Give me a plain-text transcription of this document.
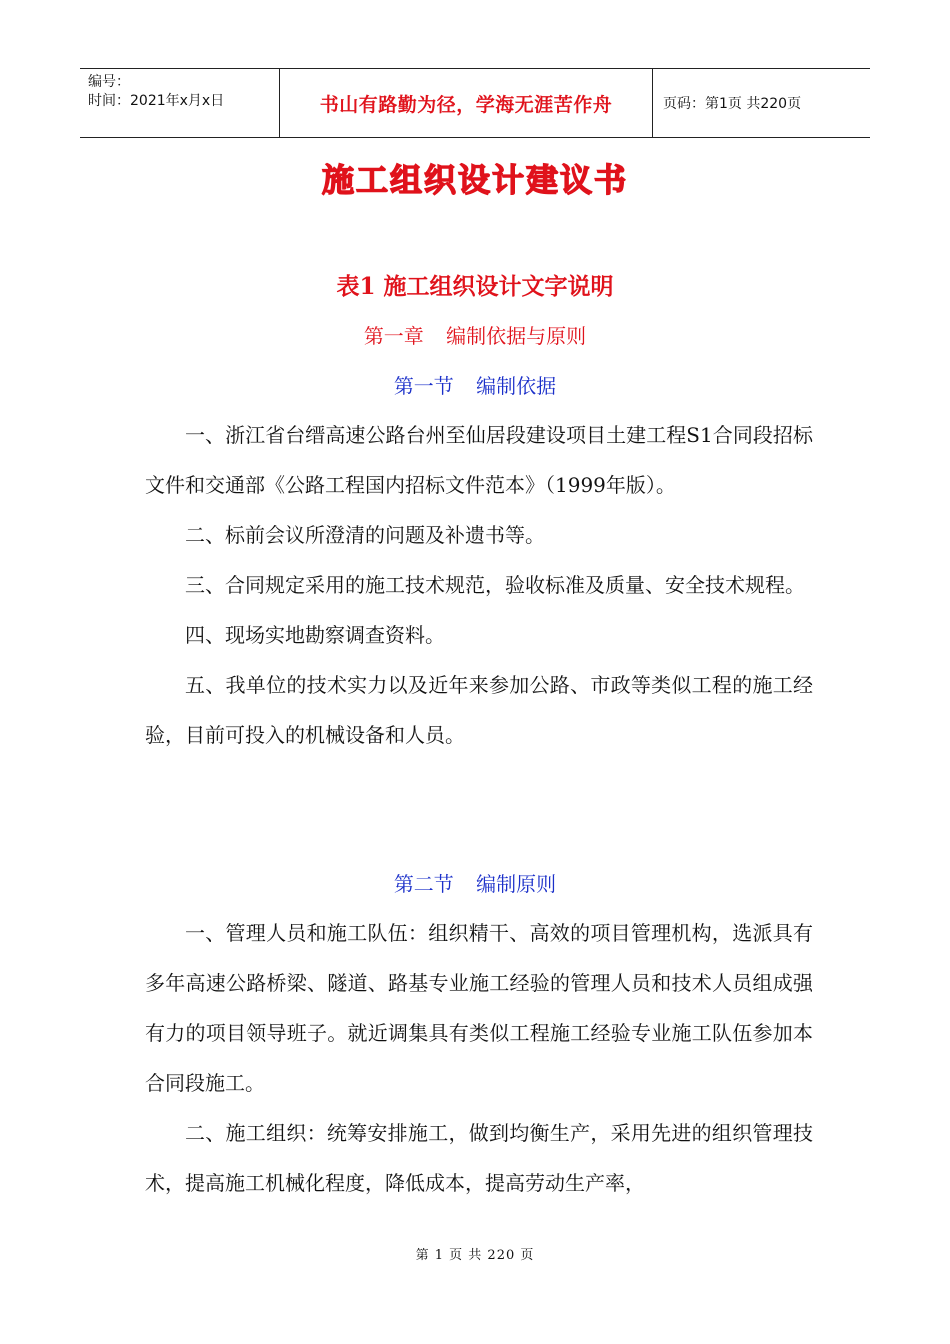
编号：
时间：2021年x月x日	书山有路勤为径，学海无涯苦作舟	页码：第1页 共220页
施工组织设计建议书
表1 施工组织设计文字说明
第一章 编制依据与原则
第一节 编制依据

一、浙江省台缙高速公路台州至仙居段建设项目土建工程S1合同段招标文件和交通部《公路工程国内招标文件范本》（1999年版）。

二、标前会议所澄清的问题及补遗书等。

三、合同规定采用的施工技术规范，验收标准及质量、安全技术规程。

四、现场实地勘察调查资料。

五、我单位的技术实力以及近年来参加公路、市政等类似工程的施工经验，目前可投入的机械设备和人员。

第二节 编制原则

一、管理人员和施工队伍：组织精干、高效的项目管理机构，选派具有多年高速公路桥梁、隧道、路基专业施工经验的管理人员和技术人员组成强有力的项目领导班子。就近调集具有类似工程施工经验专业施工队伍参加本合同段施工。

二、施工组织：统筹安排施工，做到均衡生产，采用先进的组织管理技术，提高施工机械化程度，降低成本，提高劳动生产率，

第 1 页 共 220 页
